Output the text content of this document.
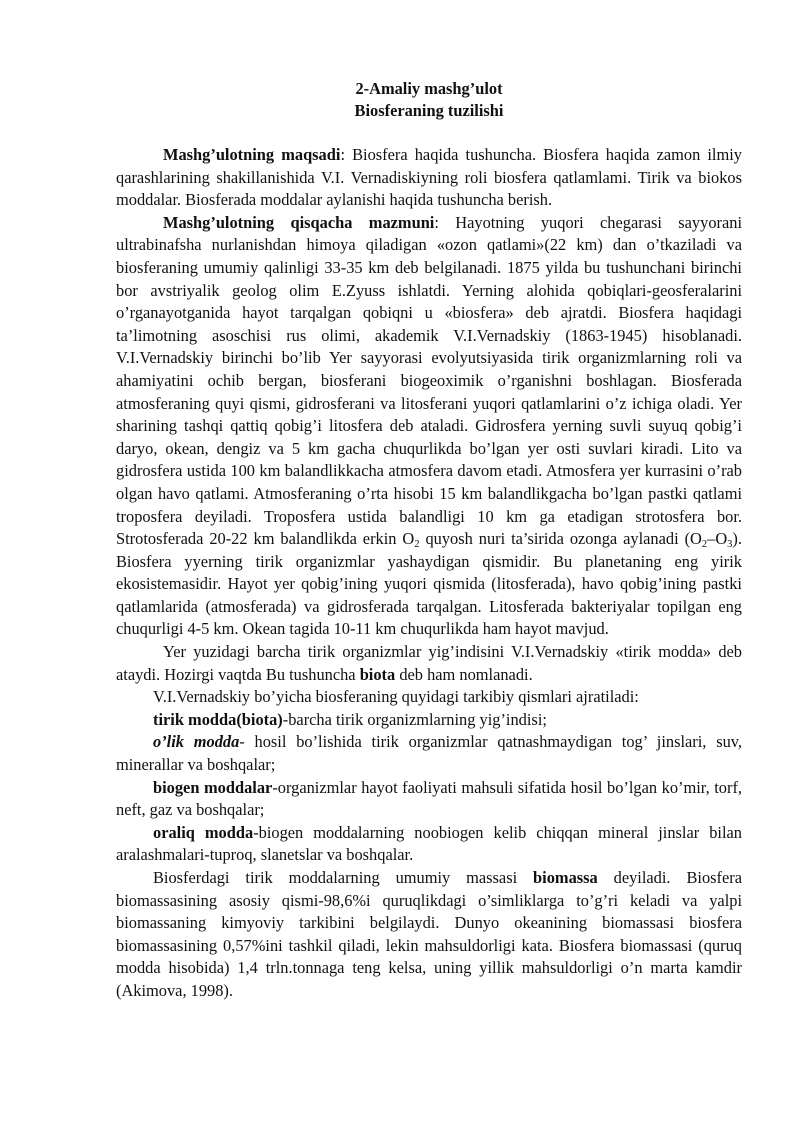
2-Amaliy mashg’ulot

Biosferaning tuzilishi

Mashg’ulotning maqsadi: Biosfera haqida tushuncha. Biosfera haqida zamon ilmiy qarashlarining shakillanishida V.I. Vernadiskiyning roli biosfera qatlamlami. Tirik va biokos moddalar. Biosferada moddalar aylanishi haqida tushuncha berish.

Mashg’ulotning qisqacha mazmuni: Hayotning yuqori chegarasi sayyorani ultrabinafsha nurlanishdan himoya qiladigan «ozon qatlami»(22 km) dan o’tkaziladi va biosferaning umumiy qalinligi 33-35 km deb belgilanadi. 1875 yilda bu tushunchani birinchi bor avstriyalik geolog olim E.Zyuss ishlatdi. Yerning alohida qobiqlari-geosferalarini o’rganayotganida hayot tarqalgan qobiqni u «biosfera» deb ajratdi. Biosfera haqidagi ta’limotning asoschisi rus olimi, akademik V.I.Vernadskiy (1863-1945) hisoblanadi. V.I.Vernadskiy birinchi bo’lib Yer sayyorasi evolyutsiyasida tirik organizmlarning roli va ahamiyatini ochib bergan, biosferani biogeoximik o’rganishni boshlagan. Biosferada atmosferaning quyi qismi, gidrosferani va litosferani yuqori qatlamlarini o’z ichiga oladi. Yer sharining tashqi qattiq qobig’i litosfera deb ataladi. Gidrosfera yerning suvli suyuq qobig’i daryo, okean, dengiz va 5 km gacha chuqurlikda bo’lgan yer osti suvlari kiradi. Lito va gidrosfera ustida 100 km balandlikkacha atmosfera davom etadi. Atmosfera yer kurrasini o’rab olgan havo qatlami. Atmosferaning o’rta hisobi 15 km balandlikgacha bo’lgan pastki qatlami troposfera deyiladi. Troposfera ustida balandligi 10 km ga etadigan strotosfera bor. Strotosferada 20-22 km balandlikda erkin $O_2$ quyosh nuri ta’sirida ozonga aylanadi $(O_2-O_3)$. Biosfera yyerning tirik organizmlar yashaydigan qismidir. Bu planetaning eng yirik ekosistemasidir. Hayot yer qobig’ining yuqori qismida (litosferada), havo qobig’ining pastki qatlamlarida (atmosferada) va gidrosferada tarqalgan. Litosferada bakteriyalar topilgan eng chuqurligi 4-5 km. Okean tagida 10-11 km chuqurlikda ham hayot mavjud.

Yer yuzidagi barcha tirik organizmlar yig’indisini V.I.Vernadskiy «tirik modda» deb ataydi. Hozirgi vaqtda Bu tushuncha biota deb ham nomlanadi.

V.I.Vernadskiy bo’yicha biosferaning quyidagi tarkibiy qismlari ajratiladi:

tirik modda(biota)-barcha tirik organizmlarning yig’indisi;

o’lik modda- hosil bo’lishida tirik organizmlar qatnashmaydigan tog’ jinslari, suv, minerallar va boshqalar;

biogen moddalar-organizmlar hayot faoliyati mahsuli sifatida hosil bo’lgan ko’mir, torf, neft, gaz va boshqalar;

oraliq modda-biogen moddalarning noobiogen kelib chiqqan mineral jinslar bilan aralashmalari-tuproq, slanetslar va boshqalar.

Biosferdagi tirik moddalarning umumiy massasi biomassa deyiladi. Biosfera biomassasining asosiy qismi-98,6%i quruqlikdagi o’simliklarga to’g’ri keladi va yalpi biomassaning kimyoviy tarkibini belgilaydi. Dunyo okeanining biomassasi biosfera biomassasining 0,57%ini tashkil qiladi, lekin mahsuldorligi kata. Biosfera biomassasi (quruq modda hisobida) 1,4 trln.tonnaga teng kelsa, uning yillik mahsuldorligi o’n marta kamdir (Akimova, 1998).
